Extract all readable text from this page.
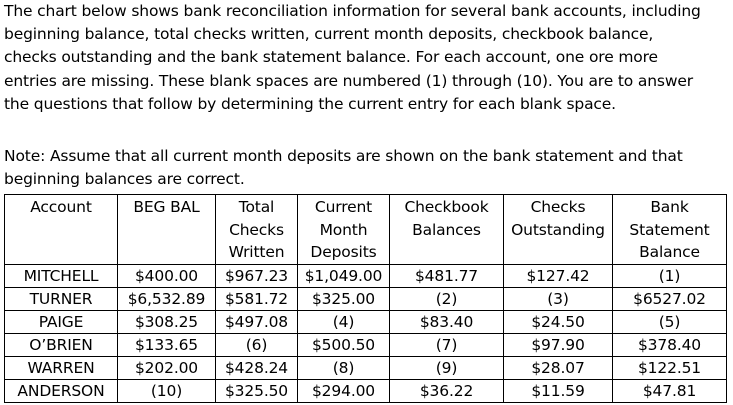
The chart below shows bank reconciliation information for several bank accounts, including
beginning balance, total checks written, current month deposits, checkbook balance,
checks outstanding and the bank statement balance. For each account, one ore more
entries are missing. These blank spaces are numbered (1) through (10). You are to answer
the questions that follow by determining the current entry for each blank space.
Note: Assume that all current month deposits are shown on the bank statement and that
beginning balances are correct.
Account	BEG BAL	Total
Checks
Written	Current
Month
Deposits	Checkbook
Balances	Checks
Outstanding	Bank
Statement
Balance

MITCHELL	$400.00	$967.23	$1,049.00	$481.77	$127.42	(1)
TURNER	$6,532.89	$581.72	$325.00	(2)	(3)	$6527.02
PAIGE	$308.25	$497.08	(4)	$83.40	$24.50	(5)
O’BRIEN	$133.65	(6)	$500.50	(7)	$97.90	$378.40
WARREN	$202.00	$428.24	(8)	(9)	$28.07	$122.51
ANDERSON	(10)	$325.50	$294.00	$36.22	$11.59	$47.81
